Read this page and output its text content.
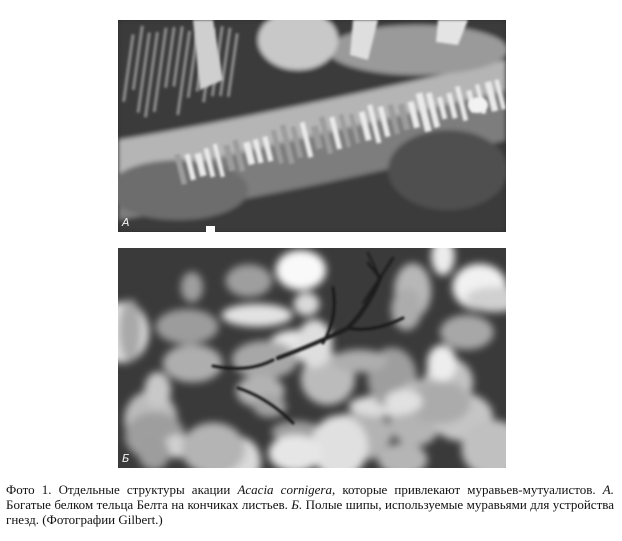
А
Б
Фото 1. Отдельные структуры акации Acacia cornigera, которые привлекают муравьев-мутуалистов. А. Богатые белком тельца Белта на кончиках листьев. Б. Полые шипы, используемые муравьями для устройства гнезд. (Фотографии Gilbert.)
